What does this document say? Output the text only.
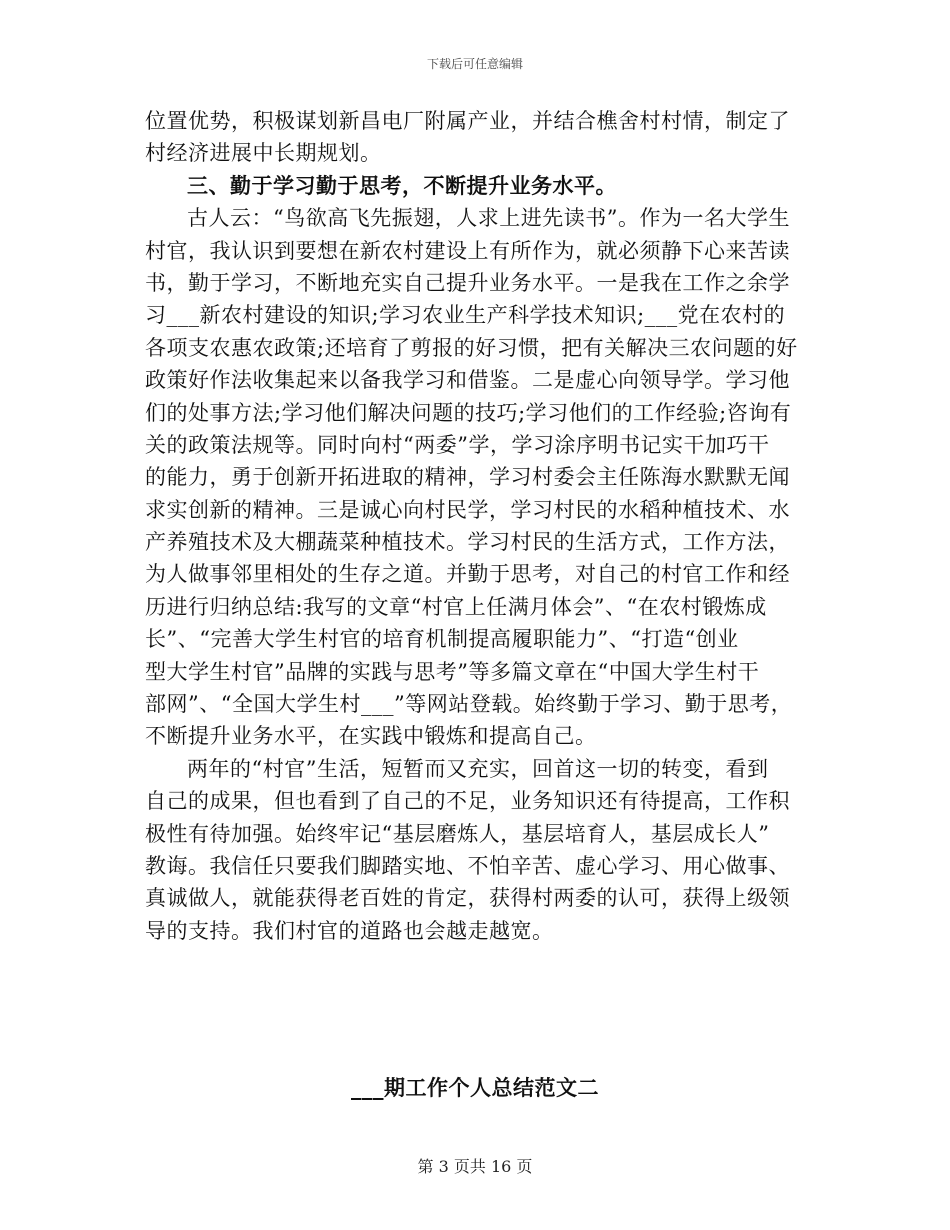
下载后可任意编辑
位置优势，积极谋划新昌电厂附属产业，并结合樵舍村村情，制定了
村经济进展中长期规划。
三、勤于学习勤于思考，不断提升业务水平。
古人云：“鸟欲高飞先振翅，人求上进先读书”。作为一名大学生
村官，我认识到要想在新农村建设上有所作为，就必须静下心来苦读
书，勤于学习，不断地充实自己提升业务水平。一是我在工作之余学
习___新农村建设的知识;学习农业生产科学技术知识;___党在农村的
各项支农惠农政策;还培育了剪报的好习惯，把有关解决三农问题的好
政策好作法收集起来以备我学习和借鉴。二是虚心向领导学。学习他
们的处事方法;学习他们解决问题的技巧;学习他们的工作经验;咨询有
关的政策法规等。同时向村“两委”学，学习涂序明书记实干加巧干
的能力，勇于创新开拓进取的精神，学习村委会主任陈海水默默无闻
求实创新的精神。三是诚心向村民学，学习村民的水稻种植技术、水
产养殖技术及大棚蔬菜种植技术。学习村民的生活方式，工作方法，
为人做事邻里相处的生存之道。并勤于思考，对自己的村官工作和经
历进行归纳总结:我写的文章“村官上任满月体会”、“在农村锻炼成
长”、“完善大学生村官的培育机制提高履职能力”、“打造“创业
型大学生村官”品牌的实践与思考”等多篇文章在“中国大学生村干
部网”、“全国大学生村___”等网站登载。始终勤于学习、勤于思考，
不断提升业务水平，在实践中锻炼和提高自己。
两年的“村官”生活，短暂而又充实，回首这一切的转变，看到
自己的成果，但也看到了自己的不足，业务知识还有待提高，工作积
极性有待加强。始终牢记“基层磨炼人，基层培育人，基层成长人”
教诲。我信任只要我们脚踏实地、不怕辛苦、虚心学习、用心做事、
真诚做人，就能获得老百姓的肯定，获得村两委的认可，获得上级领
导的支持。我们村官的道路也会越走越宽。
___期工作个人总结范文二
第 3 页共 16 页
